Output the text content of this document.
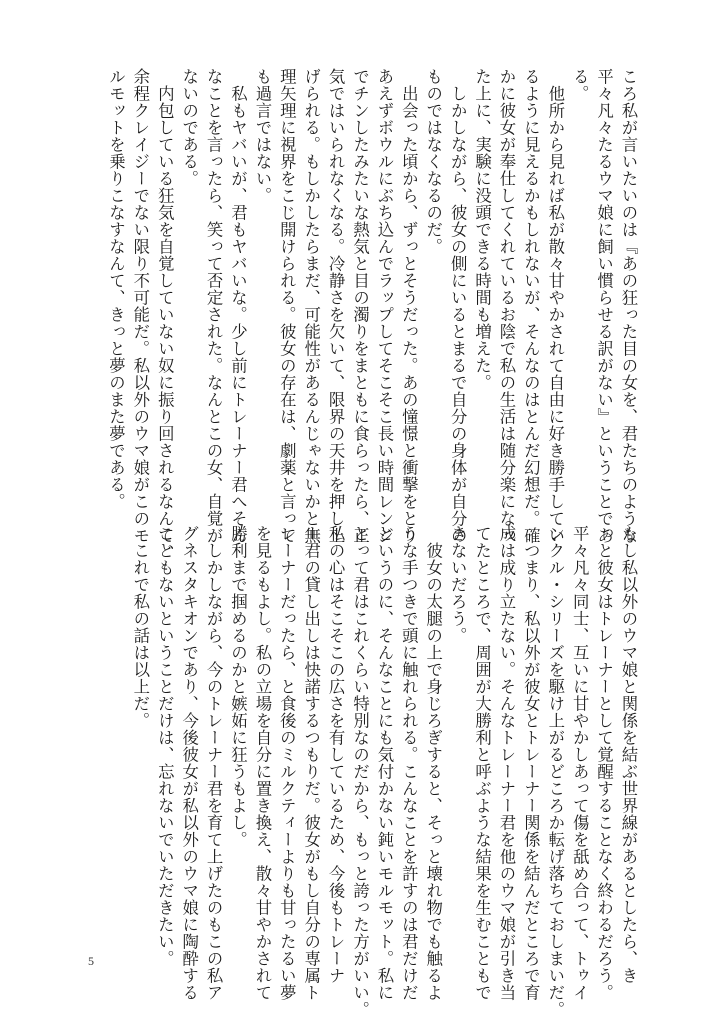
ころ私が言いたいのは『あの狂った目の女を、君たちのような

平々凡々たるウマ娘に飼い慣らせる訳がない』ということであ

る。

　他所から見れば私が散々甘やかされて自由に好き勝手してい

るように見えるかもしれないが、そんなのはとんだ幻想だ。確

かに彼女が奉仕してくれているお陰で私の生活は随分楽になっ

た上に、実験に没頭できる時間も増えた。

　しかしながら、彼女の側にいるとまるで自分の身体が自分の

ものではなくなるのだ。

　出会った頃から、ずっとそうだった。あの憧憬と衝撃をとり

あえずボウルにぶち込んでラップしてそこそこ長い時間レンジ

でチンしたみたいな熱気と目の濁りをまともに食らったら、正

気ではいられなくなる。冷静さを欠いて、限界の天井を押し上

げられる。もしかしたらまだ、可能性があるんじゃないかと無

理矢理に視界をこじ開けられる。彼女の存在は、劇薬と言って

も過言ではない。

　私もヤバいが、君もヤバいな。少し前にトレーナー君へそん

なことを言ったら、笑って否定された。なんとこの女、自覚が

ないのである。

　内包している狂気を自覚していない奴に振り回されるなんて、

余程クレイジーでない限り不可能だ。私以外のウマ娘がこのモ

ルモットを乗りこなすなんて、きっと夢のまた夢である。

もし私以外のウマ娘と関係を結ぶ世界線があるとしたら、き

っと彼女はトレーナーとして覚醒することなく終わるだろう。

平々凡々同士、互いに甘やかしあって傷を舐め合って、トゥイ

ンクル・シリーズを駆け上がるどころか転げ落ちておしまいだ。

　つまり、私以外が彼女とトレーナー関係を結んだところで育

成は成り立たない。そんなトレーナー君を他のウマ娘が引き当

てたところで、周囲が大勝利と呼ぶような結果を生むこともで

きないだろう。

　彼女の太腿の上で身じろぎすると、そっと壊れ物でも触るよ

うな手つきで頭に触れられる。こんなことを許すのは君だけだ

というのに、そんなことにも気付かない鈍いモルモット。私に

とって君はこれくらい特別なのだから、もっと誇った方がいい。

私の心はそこそこの広さを有しているため、今後もトレーナ

ー君の貸し出しは快諾するつもりだ。彼女がもし自分の専属ト

レーナーだったら、と食後のミルクティーよりも甘ったるい夢

を見るもよし。私の立場を自分に置き換え、散々甘やかされて

勝利まで掴めるのかと嫉妬に狂うもよし。

　しかしながら、今のトレーナー君を育て上げたのもこの私ア

グネスタキオンであり、今後彼女が私以外のウマ娘に陶酔する

こともないということだけは、忘れないでいただきたい。

　これで私の話は以上だ。

5
